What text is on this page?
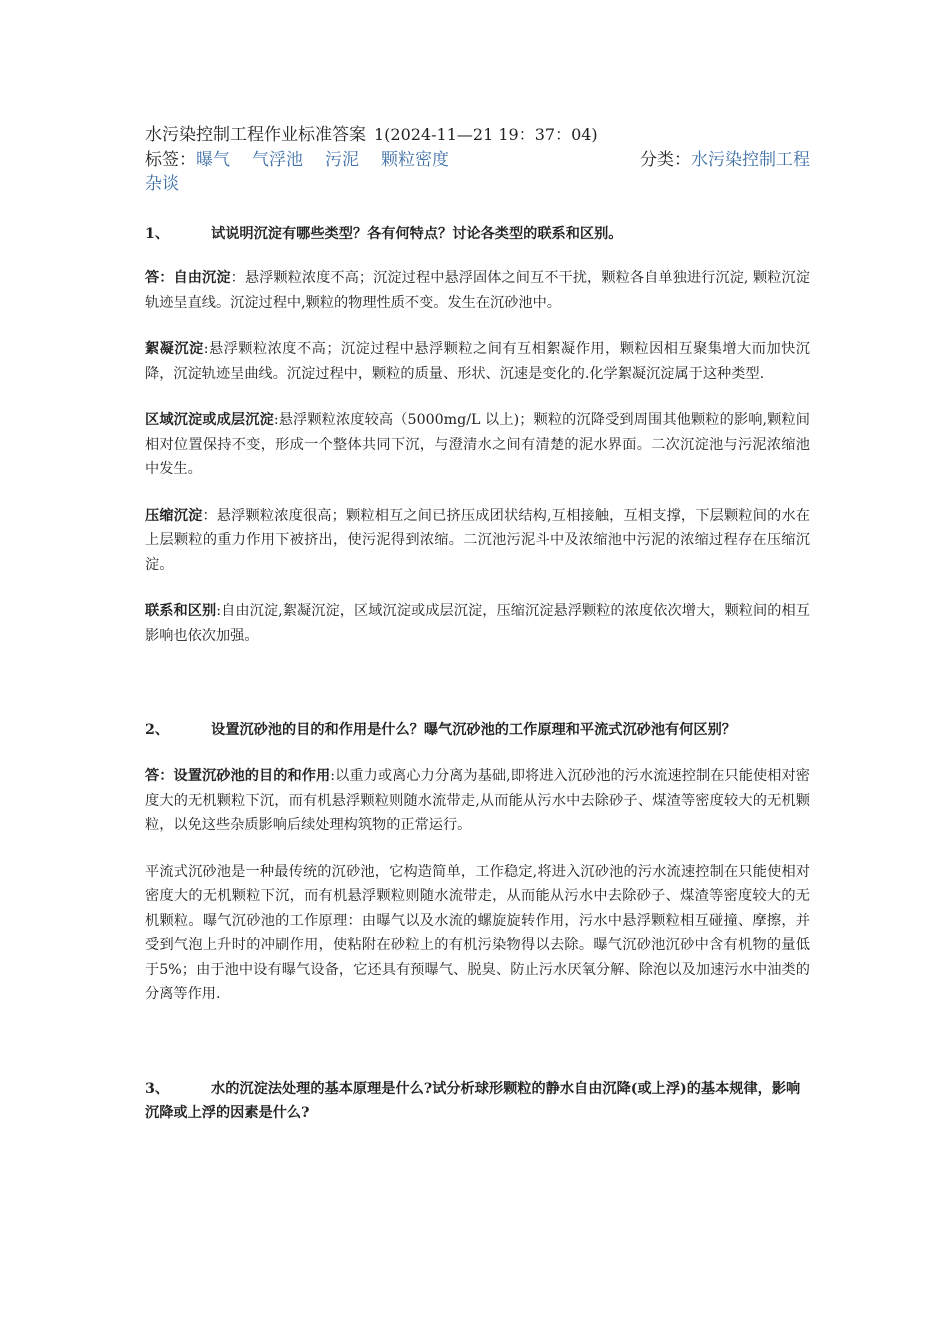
水污染控制工程作业标准答案 1(2024-11—21 19：37：04)
标签：曝气 气浮池 污泥 颗粒密度	分类：水污染控制工程
杂谈

1、	试说明沉淀有哪些类型？各有何特点？讨论各类型的联系和区别。

答：自由沉淀：悬浮颗粒浓度不高；沉淀过程中悬浮固体之间互不干扰，颗粒各自单独进行沉淀, 颗粒沉淀轨迹呈直线。沉淀过程中,颗粒的物理性质不变。发生在沉砂池中。

絮凝沉淀:悬浮颗粒浓度不高；沉淀过程中悬浮颗粒之间有互相絮凝作用，颗粒因相互聚集增大而加快沉降，沉淀轨迹呈曲线。沉淀过程中，颗粒的质量、形状、沉速是变化的.化学絮凝沉淀属于这种类型.

区域沉淀或成层沉淀:悬浮颗粒浓度较高（5000mg/L 以上)；颗粒的沉降受到周围其他颗粒的影响,颗粒间相对位置保持不变，形成一个整体共同下沉，与澄清水之间有清楚的泥水界面。二次沉淀池与污泥浓缩池中发生。

压缩沉淀：悬浮颗粒浓度很高；颗粒相互之间已挤压成团状结构,互相接触，互相支撑，下层颗粒间的水在上层颗粒的重力作用下被挤出，使污泥得到浓缩。二沉池污泥斗中及浓缩池中污泥的浓缩过程存在压缩沉淀。

联系和区别:自由沉淀,絮凝沉淀，区域沉淀或成层沉淀，压缩沉淀悬浮颗粒的浓度依次增大，颗粒间的相互影响也依次加强。

2、	设置沉砂池的目的和作用是什么？曝气沉砂池的工作原理和平流式沉砂池有何区别？

答：设置沉砂池的目的和作用:以重力或离心力分离为基础,即将进入沉砂池的污水流速控制在只能使相对密度大的无机颗粒下沉，而有机悬浮颗粒则随水流带走,从而能从污水中去除砂子、煤渣等密度较大的无机颗粒，以免这些杂质影响后续处理构筑物的正常运行。

平流式沉砂池是一种最传统的沉砂池，它构造简单，工作稳定,将进入沉砂池的污水流速控制在只能使相对密度大的无机颗粒下沉，而有机悬浮颗粒则随水流带走，从而能从污水中去除砂子、煤渣等密度较大的无机颗粒。曝气沉砂池的工作原理：由曝气以及水流的螺旋旋转作用，污水中悬浮颗粒相互碰撞、摩擦，并受到气泡上升时的冲刷作用，使粘附在砂粒上的有机污染物得以去除。曝气沉砂池沉砂中含有机物的量低于5%；由于池中设有曝气设备，它还具有预曝气、脱臭、防止污水厌氧分解、除泡以及加速污水中油类的分离等作用.

3、	水的沉淀法处理的基本原理是什么?试分析球形颗粒的静水自由沉降(或上浮)的基本规律，影响沉降或上浮的因素是什么?
